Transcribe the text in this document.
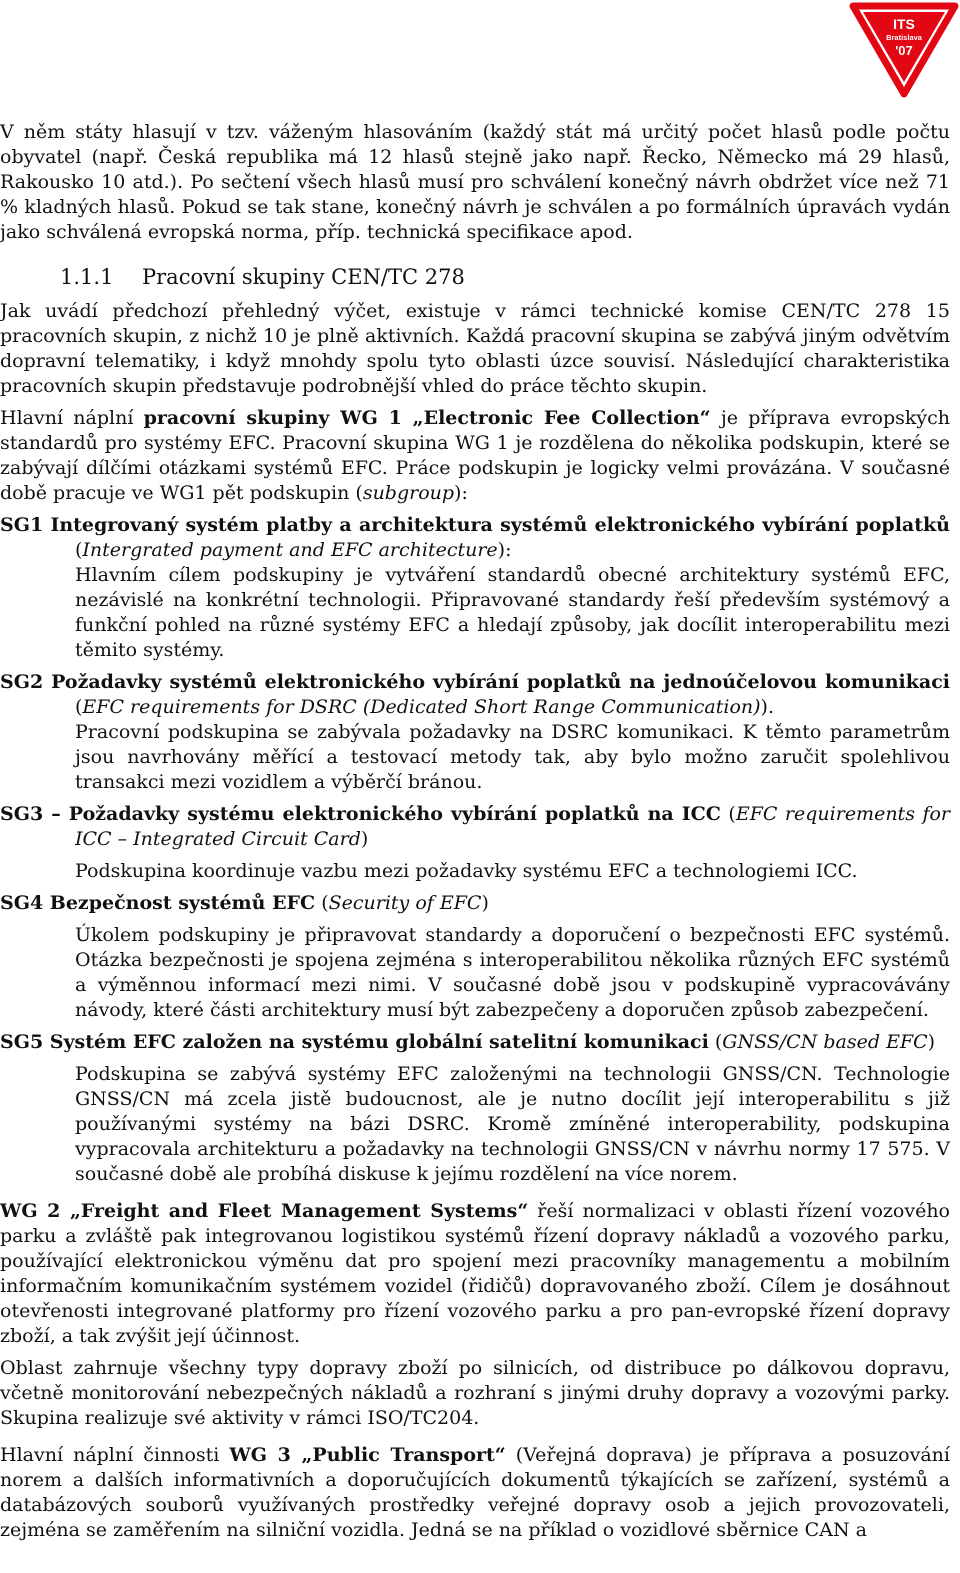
ITS
Bratislava
'07

V něm státy hlasují v tzv. váženým hlasováním (každý stát má určitý počet hlasů podle počtu obyvatel (např. Česká republika má 12 hlasů stejně jako např. Řecko, Německo má 29 hlasů, Rakousko 10 atd.). Po sečtení všech hlasů musí pro schválení konečný návrh obdržet více než 71 % kladných hlasů. Pokud se tak stane, konečný návrh je schválen a po formálních úpravách vydán jako schválená evropská norma, příp. technická specifikace apod.

1.1.1 Pracovní skupiny CEN/TC 278

Jak uvádí předchozí přehledný výčet, existuje v rámci technické komise CEN/TC 278 15 pracovních skupin, z nichž 10 je plně aktivních. Každá pracovní skupina se zabývá jiným odvětvím dopravní telematiky, i když mnohdy spolu tyto oblasti úzce souvisí. Následující charakteristika pracovních skupin představuje podrobnější vhled do práce těchto skupin.

Hlavní náplní pracovní skupiny WG 1 „Electronic Fee Collection“ je příprava evropských standardů pro systémy EFC. Pracovní skupina WG 1 je rozdělena do několika podskupin, které se zabývají dílčími otázkami systémů EFC. Práce podskupin je logicky velmi provázána. V současné době pracuje ve WG1 pět podskupin (subgroup):

SG1 Integrovaný systém platby a architektura systémů elektronického vybírání poplatků (Intergrated payment and EFC architecture):
Hlavním cílem podskupiny je vytváření standardů obecné architektury systémů EFC, nezávislé na konkrétní technologii. Připravované standardy řeší především systémový a funkční pohled na různé systémy EFC a hledají způsoby, jak docílit interoperabilitu mezi těmito systémy.
SG2 Požadavky systémů elektronického vybírání poplatků na jednoúčelovou komunikaci (EFC requirements for DSRC (Dedicated Short Range Communication)).
Pracovní podskupina se zabývala požadavky na DSRC komunikaci. K těmto parametrům jsou navrhovány měřící a testovací metody tak, aby bylo možno zaručit spolehlivou transakci mezi vozidlem a výběrčí bránou.
SG3 – Požadavky systému elektronického vybírání poplatků na ICC (EFC requirements for ICC – Integrated Circuit Card)
Podskupina koordinuje vazbu mezi požadavky systému EFC a technologiemi ICC.
SG4 Bezpečnost systémů EFC (Security of EFC)
Úkolem podskupiny je připravovat standardy a doporučení o bezpečnosti EFC systémů. Otázka bezpečnosti je spojena zejména s interoperabilitou několika různých EFC systémů a výměnnou informací mezi nimi. V současné době jsou v podskupině vypracovávány návody, které části architektury musí být zabezpečeny a doporučen způsob zabezpečení.
SG5 Systém EFC založen na systému globální satelitní komunikaci (GNSS/CN based EFC)
Podskupina se zabývá systémy EFC založenými na technologii GNSS/CN. Technologie GNSS/CN má zcela jistě budoucnost, ale je nutno docílit její interoperabilitu s již používanými systémy na bázi DSRC. Kromě zmíněné interoperability, podskupina vypracovala architekturu a požadavky na technologii GNSS/CN v návrhu normy 17 575. V současné době ale probíhá diskuse k jejímu rozdělení na více norem.

WG 2 „Freight and Fleet Management Systems“ řeší normalizaci v oblasti řízení vozového parku a zvláště pak integrovanou logistikou systémů řízení dopravy nákladů a vozového parku, používající elektronickou výměnu dat pro spojení mezi pracovníky managementu a mobilním informačním komunikačním systémem vozidel (řidičů) dopravovaného zboží. Cílem je dosáhnout otevřenosti integrované platformy pro řízení vozového parku a pro pan-evropské řízení dopravy zboží, a tak zvýšit její účinnost.

Oblast zahrnuje všechny typy dopravy zboží po silnicích, od distribuce po dálkovou dopravu, včetně monitorování nebezpečných nákladů a rozhraní s jinými druhy dopravy a vozovými parky. Skupina realizuje své aktivity v rámci ISO/TC204.

Hlavní náplní činnosti WG 3 „Public Transport“ (Veřejná doprava) je příprava a posuzování norem a dalších informativních a doporučujících dokumentů týkajících se zařízení, systémů a databázových souborů využívaných prostředky veřejné dopravy osob a jejich provozovateli, zejména se zaměřením na silniční vozidla. Jedná se na příklad o vozidlové sběrnice CAN a
